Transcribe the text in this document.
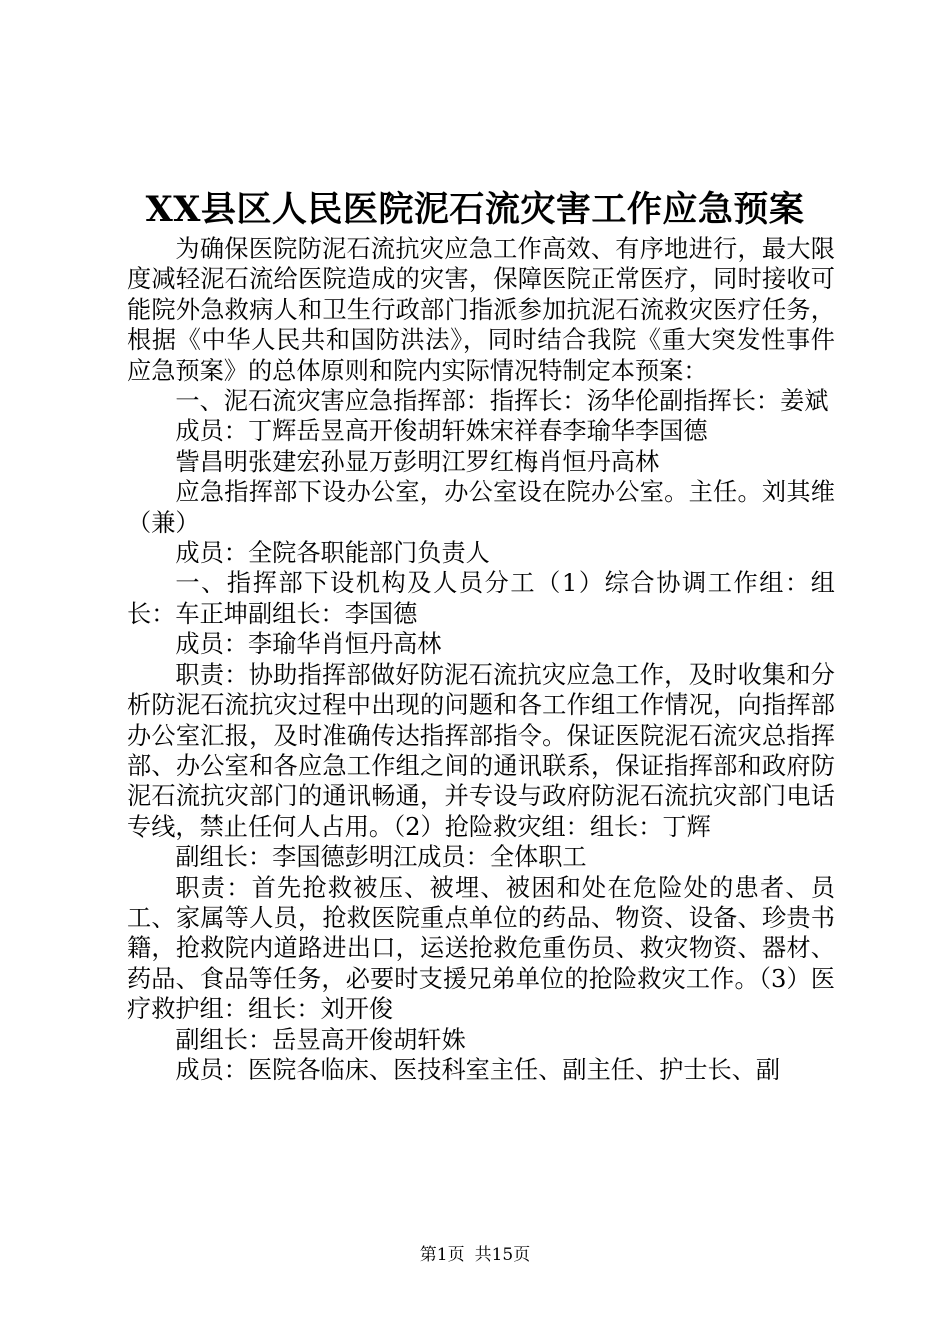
XX县区人民医院泥石流灾害工作应急预案

为确保医院防泥石流抗灾应急工作高效、有序地进行，最大限度减轻泥石流给医院造成的灾害，保障医院正常医疗，同时接收可能院外急救病人和卫生行政部门指派参加抗泥石流救灾医疗任务，根据《中华人民共和国防洪法》，同时结合我院《重大突发性事件应急预案》的总体原则和院内实际情况特制定本预案：

一、泥石流灾害应急指挥部：指挥长：汤华伦副指挥长：姜斌

成员：丁辉岳昱高开俊胡轩姝宋祥春李瑜华李国德

訾昌明张建宏孙显万彭明江罗红梅肖恒丹高林

应急指挥部下设办公室，办公室设在院办公室。主任。刘其维（兼）

成员：全院各职能部门负责人

一、指挥部下设机构及人员分工（1）综合协调工作组：组长：车正坤副组长：李国德

成员：李瑜华肖恒丹高林

职责：协助指挥部做好防泥石流抗灾应急工作，及时收集和分析防泥石流抗灾过程中出现的问题和各工作组工作情况，向指挥部办公室汇报，及时准确传达指挥部指令。保证医院泥石流灾总指挥部、办公室和各应急工作组之间的通讯联系，保证指挥部和政府防泥石流抗灾部门的通讯畅通，并专设与政府防泥石流抗灾部门电话专线，禁止任何人占用。（2）抢险救灾组：组长：丁辉

副组长：李国德彭明江成员：全体职工

职责：首先抢救被压、被埋、被困和处在危险处的患者、员工、家属等人员，抢救医院重点单位的药品、物资、设备、珍贵书籍，抢救院内道路进出口，运送抢救危重伤员、救灾物资、器材、药品、食品等任务，必要时支援兄弟单位的抢险救灾工作。（3）医疗救护组：组长：刘开俊

副组长：岳昱高开俊胡轩姝

成员：医院各临床、医技科室主任、副主任、护士长、副

第1页 共15页
